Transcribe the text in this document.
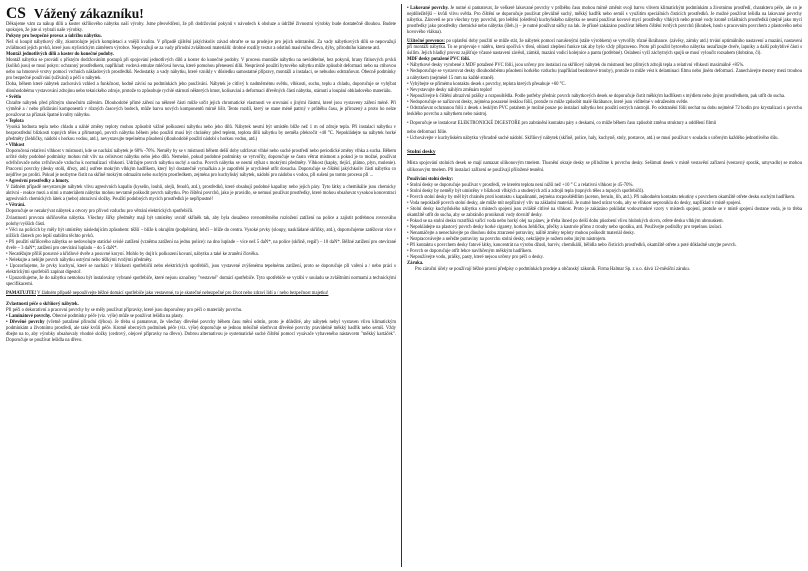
CS Vážený zákazníku!

Děkujeme vám za nákup dílů a koster skříňového nábytku naší výroby. Jsme přesvědčeni, že při dodržování pokynů v návodech k obsluze a údržbě živnostní výrobky bude dostatečně dlouhou. Budete spokojen, že jste si vybrali naše výrobky.

Pokyny pro bezpečné provoz a údržbu nábytku.
Než si koupit nábytkový díly, zkontrolujte jejich kompletaci a vnější kvalitu. V případě zjištění jakýchkoliv závad obraťte se na prodejce pro jejich odstranění. Za vady nábytkových dílů se nepovažují zvláštnosti jejich prvků, které jsou stylistickým záměrem výrobce. Nepovažují se za vady přirodní zvláštnosti materiálů: drobné rozdíly textur a odstínů masivního dřeva, dýhy, přírodního kámene atd.

Montáž jednotlivých dílů a koster do konečné podoby.
Montáž nábytku se provádí s přísným dodržováním postupů při spojování jednotlivých dílů a koster do konečné podoby. V procesu montáže nábytku na nevidětelné, bez pokynů, hrany fitinových prvků (kolíků jsou) se musí pokyn: ochranný prostředkem, například: vodová emulze mléčová hovna, které pomohou přenesení dílů. Nesprávně použití bytového nábytku může způsobit deformaci nebo na ctihovou nebo na hmotové vrstvy pomocí vrchních nákladových prostředků. Nedostatky a vady nábytku, které vznikly v důsledku samostatné přípravy, montáži a instalaci, se nebudou odstraňovat. Obecně podmínky pro bezpečné používání (užívání) a péči o nábytek.

Doba, během které nábytek zachovává vzhled a funkčnost, hodně závisí na podmínkách jeho používání. Nábytek je citlivý k nadměrnému světlu, vlhkosti, suchu, teplu a chladu, doporučuje se vyhýbat dlouhodobému vystavování zdrojinu nebo teknického zdroje, protože to způsobuje rychlé stárnutí některých hmot, kolísavání a deformaci dřevěných částí nábytku, stárnutí a loupání obkladového materiálu.

• Světlo
Chraňte nábytek před přímým slunečním zářením. Dlouhodobé přímé záření na některé části může určit jejich chromatické vlastnosti ve srovnání s jinými částmi, které jsou vystaveny záření méně. Při výměně a / nebo přidávání komponentů v různých časových bodech, může barva nových komponentů mírně lišit. Tento rozdíl, který se stane méně patrný v průběhu času, je přirozený a proto ho nelze považovat za příznak špatné kvality nábytku.

• Teplota
Vysoká hodnota tepla nebo chladu a náhlé změny teploty mohou způsobit vážné poškození nábytku nebo jeho dílů. Nábytek nesmí být umístěn blíže než 1 m od zdroje tepla. Při instalaci nábytku v bezprostřední blízkosti topných těles a přímotopů, povrch nábytku během jeho použití musí být chráněny před teplem, teplota dílů nábytku by neměla překročit +40 °C. Nepokládejte na nábytek horké předměty (žehličky, nádobí s horkou vodou, atd.), nevystavujte tepelnému působení (dlouhodobě použití nádobí s horkou vodou, atd.)

• Vlhkost
Doporučená relativní vlhkost v místnosti, kde se nachází nábytek je 60% -70%. Neměly by se v místnosti během delší doby udržovat vlhké nebo suché prostředí nebo periodické změny vlhka a sucha. Během určité doby podobné podmínky mohou mít vliv na celistvost nábytku nebo jeho dílů. Nemelné, pokud podobné podmínky se vytvořily, doporučuje se často větrat místnost a pokud je to možné, používat odvlhčovače nebo zvlhčovače vzduchu k normalizaci vlhkosti. Udržujte povrch nábytku suchý a suchu. Povrch nábytku se nesmí stýkat s mokrými předměty. Vlhkost (kapky, tlející, plátno, plyn, mulenie). Pracovní povrchy (desky stolů, dřezy, atd.) ostřete mokrým vlhkým hadříkem, který byl dostatečně vymačkán a je zapotřebí je urychleně utřít dosucha. Doporučuje se čištění jakýchkoliv částí nábytku co nejdříve po proliti. Pokud je nezbytne čistit na skříně mokrým odmazím nebo suchým prostředkem, zejména pro kuchyňský nábytek, nádobí pro nádobu s vodou, při sušení po tomto procesu při ...

• Agresivní prostředky a hmoty.
V žádném případě nevystavujte nábytek vlivu agresivních kapalin (kyselin, louhů, olejů, fenolů, atd.), prostředků, které obsahují podobné kapaliny nebo jejich páry. Tyto látky a chemikálie jsou chemicky aktivní - reakce mezi a nimi a materiálem nábytku mohou nevratně poškodit povrch nábytku. Pro čištění povrchů, jako je pravidlo, se nemusí používat prostředky, které mohou obsahovat vysokou koncentraci agresivních chemických látek a (nebo) abrazivní složky. Použití podobných mycích prostředků je nepřípustné!

• Větrání.
Doporučuje se nezakrývat nábytek a otvory pro přívod vzduchu pro větrání elektrických spotřebičů.

Zvlastnosti provozu skříňového nábytku. Všechny šířky předměty mají být umístěny uvnitř skříněk tak, aby byla dosaženo rovnoměrného rozložení zatížení na police a zajistit potřebnou rovnováhu polohy/vyšších částí.

• Věci na policích by měly být umístěny následujícím způsobem: těžší – blíže k okrajům (podpěrám), lehčí – blíže do centra. Vysoké prvky (sloupy, nasklädané skříňky, atd.), doporučujeme zatěžovat více v nižších částech pro lepší stabilitu těchto prvků.

• Při použití skříňového nábytku se nedovolujte statické svislé zatížení (vzněmu zatížení na jednu police): na dno luplade – více než 5 daN*, na police (skříně, regáľ) – 10 daN*. Běžné zatížení pro otevírané dveře – 3 daN*; zatížení pro otevírání lupladu – do 5 daN*.

• Necatěžujte přílíš posuvné a křídlové dveře a posuvné koryní. Mohlo by dojít k poškození kovaní, nábytku a také ke zranění člověka.

• Nelekujte a nebijte povrch nábytku ostrými nebo těžkými tvrdými předměty.

• Upozorňujeme, že prvky kuchyní, které se nachází v blízkosti spotřebičů nebo elektrických spotřebiči, jsou vystavené zvýšenému tepelnému zatížení, proto se doporučuje při vaření a / nebo práci s elektrickými spotřebiči zapínat digestoř.

• Upozorňujeme, že do nábytku nemohou být instalovány vybrané spotřebiče, které nejsou označeny "vestavné" domácí spotřebiče. Tyto spotřebiče se vyrábí v souladu se zvláštními normami a technickými specifikacemi.

PAMATUJTE! V žádném případě nepoužívejte běžné domácí spotřebiče jako vestavené, to je skutečné nebezpečné pro život nebo zdraví lidí a / nebo bezpečnost majetku!

Zvlastnosti péče o skříňový nábytek.
Při péči o dekorativní a pracovní povrchy by se měly používat přípravky, které jsou doporučeny pro péči o materiály povrchu.

• Laminátové povrchy. Obecné podmínky péče (viz. výše) může se používat lešidla na plasty.

• Dřevěné povrchy (včetně potažené přírodní dýhou). Je třeba si pamatovat, že všechny dřevěné povrchy během času mění odstín, proto je důležité, aby nábytek nebyl vystaven vlivu klimatickým podmínkám a životnímu prostředí, ale také kvůli péče. Kromě obecných podmínek péče (viz. výše) doporučuje se jednou měsíčně ošetřovat dřevěné povrchy pravidelně měkký hadřík nebo semiš. Vždy dbejte na to, aby výrobky obsahovaly vhodné složky (cedrový, olejové přípravky na dřevo). Dobrou alternativou je systematické suché čištění pomocí vysávače vybaveného nástavcem "měkký kartáček". Doporučuje se používat lešidla na dřevo.

• Lakované povrchy. Je nutné si pamatovat, že veškeré lakované povrchy v průběhu času mohou mírně změnit svoji barvu vlivem klimatickým podmínkám a životnímu prostředí, charakteru péče, ale co je nejdůležitější – kvůli vlivu světla. Pro čištění se doporučuje používat převážně suchý, měkký hadřík nebo semiš s využitím speciálních čisticích prostředků. Je možné používat lešidla na lakované povrchy nábytku. Zároveň se pro všechny typy povrchů, pro leštění (ošetření) kuchyňského nábytku se nesmí používat kovové mycí prostředky vlhkých nebo prosté vody kromě zvláštních prostředků (stejně jako mycí prostředky jako prostředky chemické nebo nábytku (šleh.)) – je nutné používat sáčky na lak. Je přísně zakázáno používat během čištění tvrdých povrchů (škrabek, houb s pracovním povrchem z plastového nebo kovového vlákna).

Užitečné prevence: po uplatění doby použití se může stát, že nábytek pomocí narušenými (stále výrobkem) se vytvořily různé škrábance. (závěsy, zámky atd.) trvání optimálního nastavení a mazání, nastavení při montáži nábytku. To se projevuje v nátěru, která spočívá v tření, oblasti zlepšení funkce tak aby bylo vždy připraveno. Proto při použití bytového nábytku nezařizujte dveře, lapníky a další pohyblivé části s úsilím. Jejich hladký provoz zajišťuje včasné nastavení závěsů, zámků, mazání vodicí kolejnice a pantu (potřebné). Oslabení vyží záchytných spojů se musí vyloučit rozsahem (dobráno, či).

MDF desky potažené PVC fólií.
• Nábytkové desky vyrobené z MDF potažené PVC fólií, jsou určeny pro instalaci na skříňový nábytek do místností bez přímých zdrojů tepla a relativní vlhkosti maximálně +85%.

• Nedoporučuje se vystavovat desky dlouhodobému působení horkého vzduchu (například bezdotové trouby), protože to může vést k delaminaci filmu nebo jiném deformaci. Zanechávejte mezery mezi troubou a nábytkem (nejméně 15 mm na každé straně).

• Vyhýbejte se přímému kontaktu desek s povrchy, teplota kterých přesahuje +60 °C.

• Nevystavujte desky náhlým změnám teplot!

• Nepoužívejte k čištění abrazivní prášky a rozpouštědla. Podle potřeby předníc povrch nábytkových desek se doporučuje čistit měkkým hadříkem s mýdlem nebo jiným prostředkem, pak utřít do sucha.

• Nedoporučuje se nařizovat desky, zejména posazené lesklou fólií, protože to může způsobit malé škrábance, které jsou viditelné v odraženém světle.

• Odstraňovat ochrannou fólii z desek s lesklým PVC potahem je možné pouze po instalaci nábytku bez použití ostrých nástrojů. Po odstranění fólii nechat na dobu nejméně 72 hodin pro krystalizaci s povrchu lesklého povrchu a nábytkem nebo nástroj.

• Doporučuje se instalovat ELEKTRONICKÉ DIGESTOŘE pro zabránění kontaktu páry s deskami, co může během času způsobit změnu struktury a oddělení filmů

nebo deformaci fólie.

• Uchovávejte v kuchyňském nábytku výhradně suché nádobí. Skříňový nábytek (skříně, police, haly, kuchyně, stoly, postavce, atd.) se musí používat v souladu s určeným každého jednotlivého dílu.

Stolní desky

Místa spojování stolních desek se mají namazat silikonovým tmelem. Tlusnění okraje desky se přiložíme k povrchu desky. Sešimutí desek v místě vestavění zařízení (vestavný sporák, umyvadlo) se mohou silikonovým tmelem. Při instalaci zařízení se používají přiložené tesnění.

Používání stolní desky:

• Stolní desky se doporučuje používat v prostředí, ve kterém teplota není nižší než +10 ° C a relativní vlhkost je 45-70%.

• Stolní desky by neměly být umístěny v blízkosti vlhkých a studených zdí a zdrojů tepla (topných těles a topných spotřebičů).

• Povrch stolní desky by měl být chráněn proti kontaktu s kapalinami, zejména rozpouštědlům (aceton, benzín, lih, atd.). Při náhodném kontaktu tekutiny s povrchem okamžitě otřete desku suchým hadříkem.

• Voda nepokladě povrch stolní desky, ale může mít nepříznivý vliv na základní materiál. Je nutné hned utírat vodu, aby se vlhkost nepronikla do desky, například v místě spojení.

• Stolní desky kuchyňského nábytku s místech spojení jsou zvláště citlivé na vlhkost. Proto je zakázáno pokládat vodou/mokré vzory v místech spojení, protože se v místě spojení dostane voda, je to třeba okamžitě utřít do sucha, aby se zabránilo proniknutí vody dovnitř desky.

• Pokud se na stolní desku rozstřiká vařící voda nebo horký olej na pánev, je třeba ihned po delší dobu působení vlivu hlubokých skvrn, otřete desku vlhkým ubrouskem.

• Nepokládejte na plastový povrch desky horké cigarety, horkou žehličku, přečky a kastrole přímo z trouby nebo sporáku, atd. Používejte podložky pro tepelnou izolaci.

• Nenamáčejte a nenechávejte po dlouhou dobu ztrarzené potraviny, nálitě změny teploty mohou poškodit materiál desky.

• Nezpracovávejte a neřežte potraviny na povrchu stolní desky, nekrájejte je nožem nebo jiným nástrojem.

• Při kontaktu s povrchem desky fatové látky, koncentrát na výrobu džusů, barviv, chemikálií, bělidla nebo čisticích prostředků, okamžitě otřete a poté důkladně umyjte povrch.

• Povrch se doporučuje otřít lehce navlhčeným měkkým hadříkem.

• Nepoužívejte vodu, prášky, pasty, které nejsou určeny pro péči o desky.

Záruka.

Pro záruční účely se používají běžné pravní předpisy o podmínkách prodeje a občanský zákoník. Firma Halmar Sp. z o.o. dává 12-měsíční záruku.
